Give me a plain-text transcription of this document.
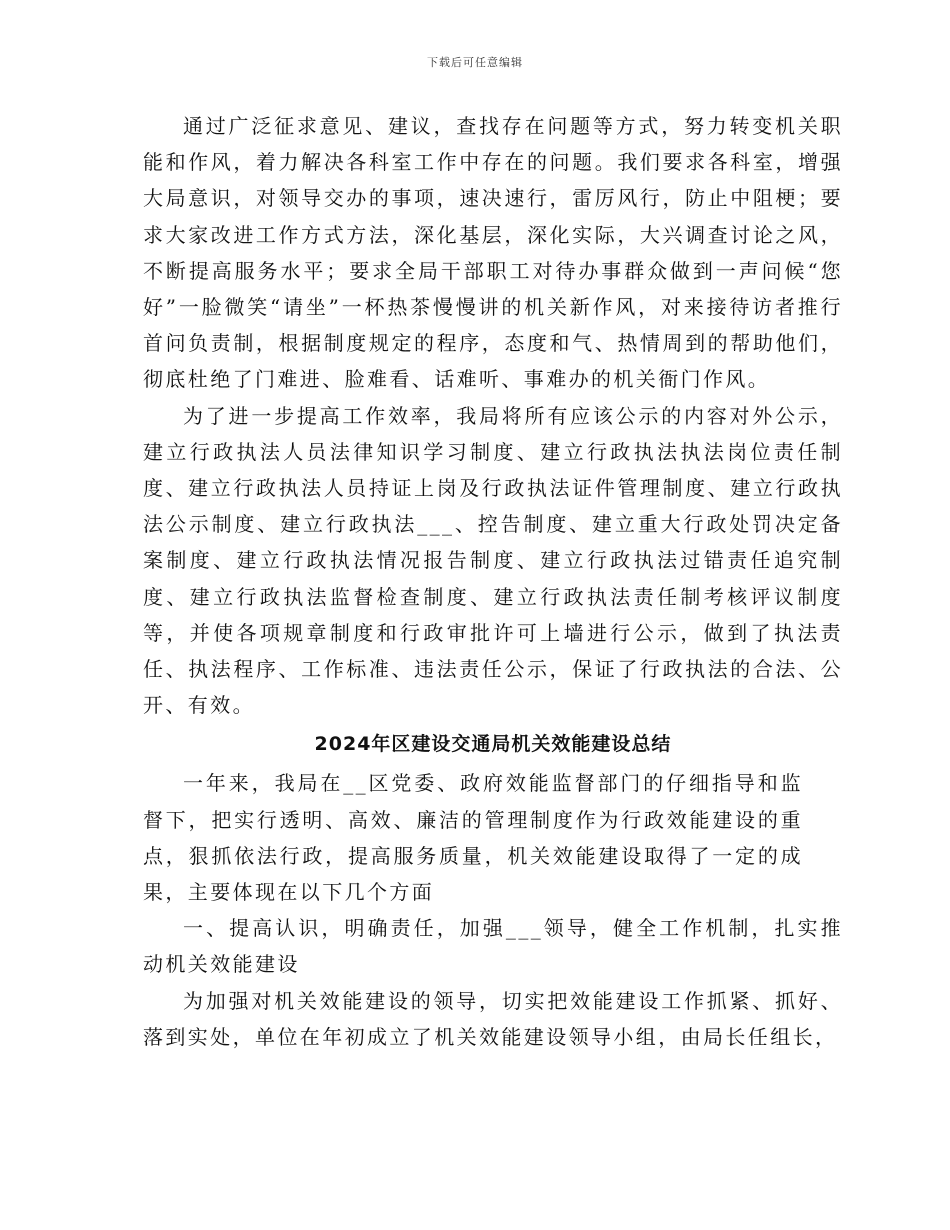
下载后可任意编辑

通过广泛征求意见、建议，查找存在问题等方式，努力转变机关职能和作风，着力解决各科室工作中存在的问题。我们要求各科室，增强大局意识，对领导交办的事项，速决速行，雷厉风行，防止中阻梗；要求大家改进工作方式方法，深化基层，深化实际，大兴调查讨论之风，不断提高服务水平；要求全局干部职工对待办事群众做到一声问候“您好”一脸微笑“请坐”一杯热茶慢慢讲的机关新作风，对来接待访者推行首问负责制，根据制度规定的程序，态度和气、热情周到的帮助他们，彻底杜绝了门难进、脸难看、话难听、事难办的机关衙门作风。

为了进一步提高工作效率，我局将所有应该公示的内容对外公示，建立行政执法人员法律知识学习制度、建立行政执法执法岗位责任制度、建立行政执法人员持证上岗及行政执法证件管理制度、建立行政执法公示制度、建立行政执法___、控告制度、建立重大行政处罚决定备案制度、建立行政执法情况报告制度、建立行政执法过错责任追究制度、建立行政执法监督检查制度、建立行政执法责任制考核评议制度等，并使各项规章制度和行政审批许可上墙进行公示，做到了执法责任、执法程序、工作标准、违法责任公示，保证了行政执法的合法、公开、有效。

2024年区建设交通局机关效能建设总结

一年来，我局在__区党委、政府效能监督部门的仔细指导和监督下，把实行透明、高效、廉洁的管理制度作为行政效能建设的重点，狠抓依法行政，提高服务质量，机关效能建设取得了一定的成果，主要体现在以下几个方面

一、提高认识，明确责任，加强___领导，健全工作机制，扎实推动机关效能建设

为加强对机关效能建设的领导，切实把效能建设工作抓紧、抓好、落到实处，单位在年初成立了机关效能建设领导小组，由局长任组长，
